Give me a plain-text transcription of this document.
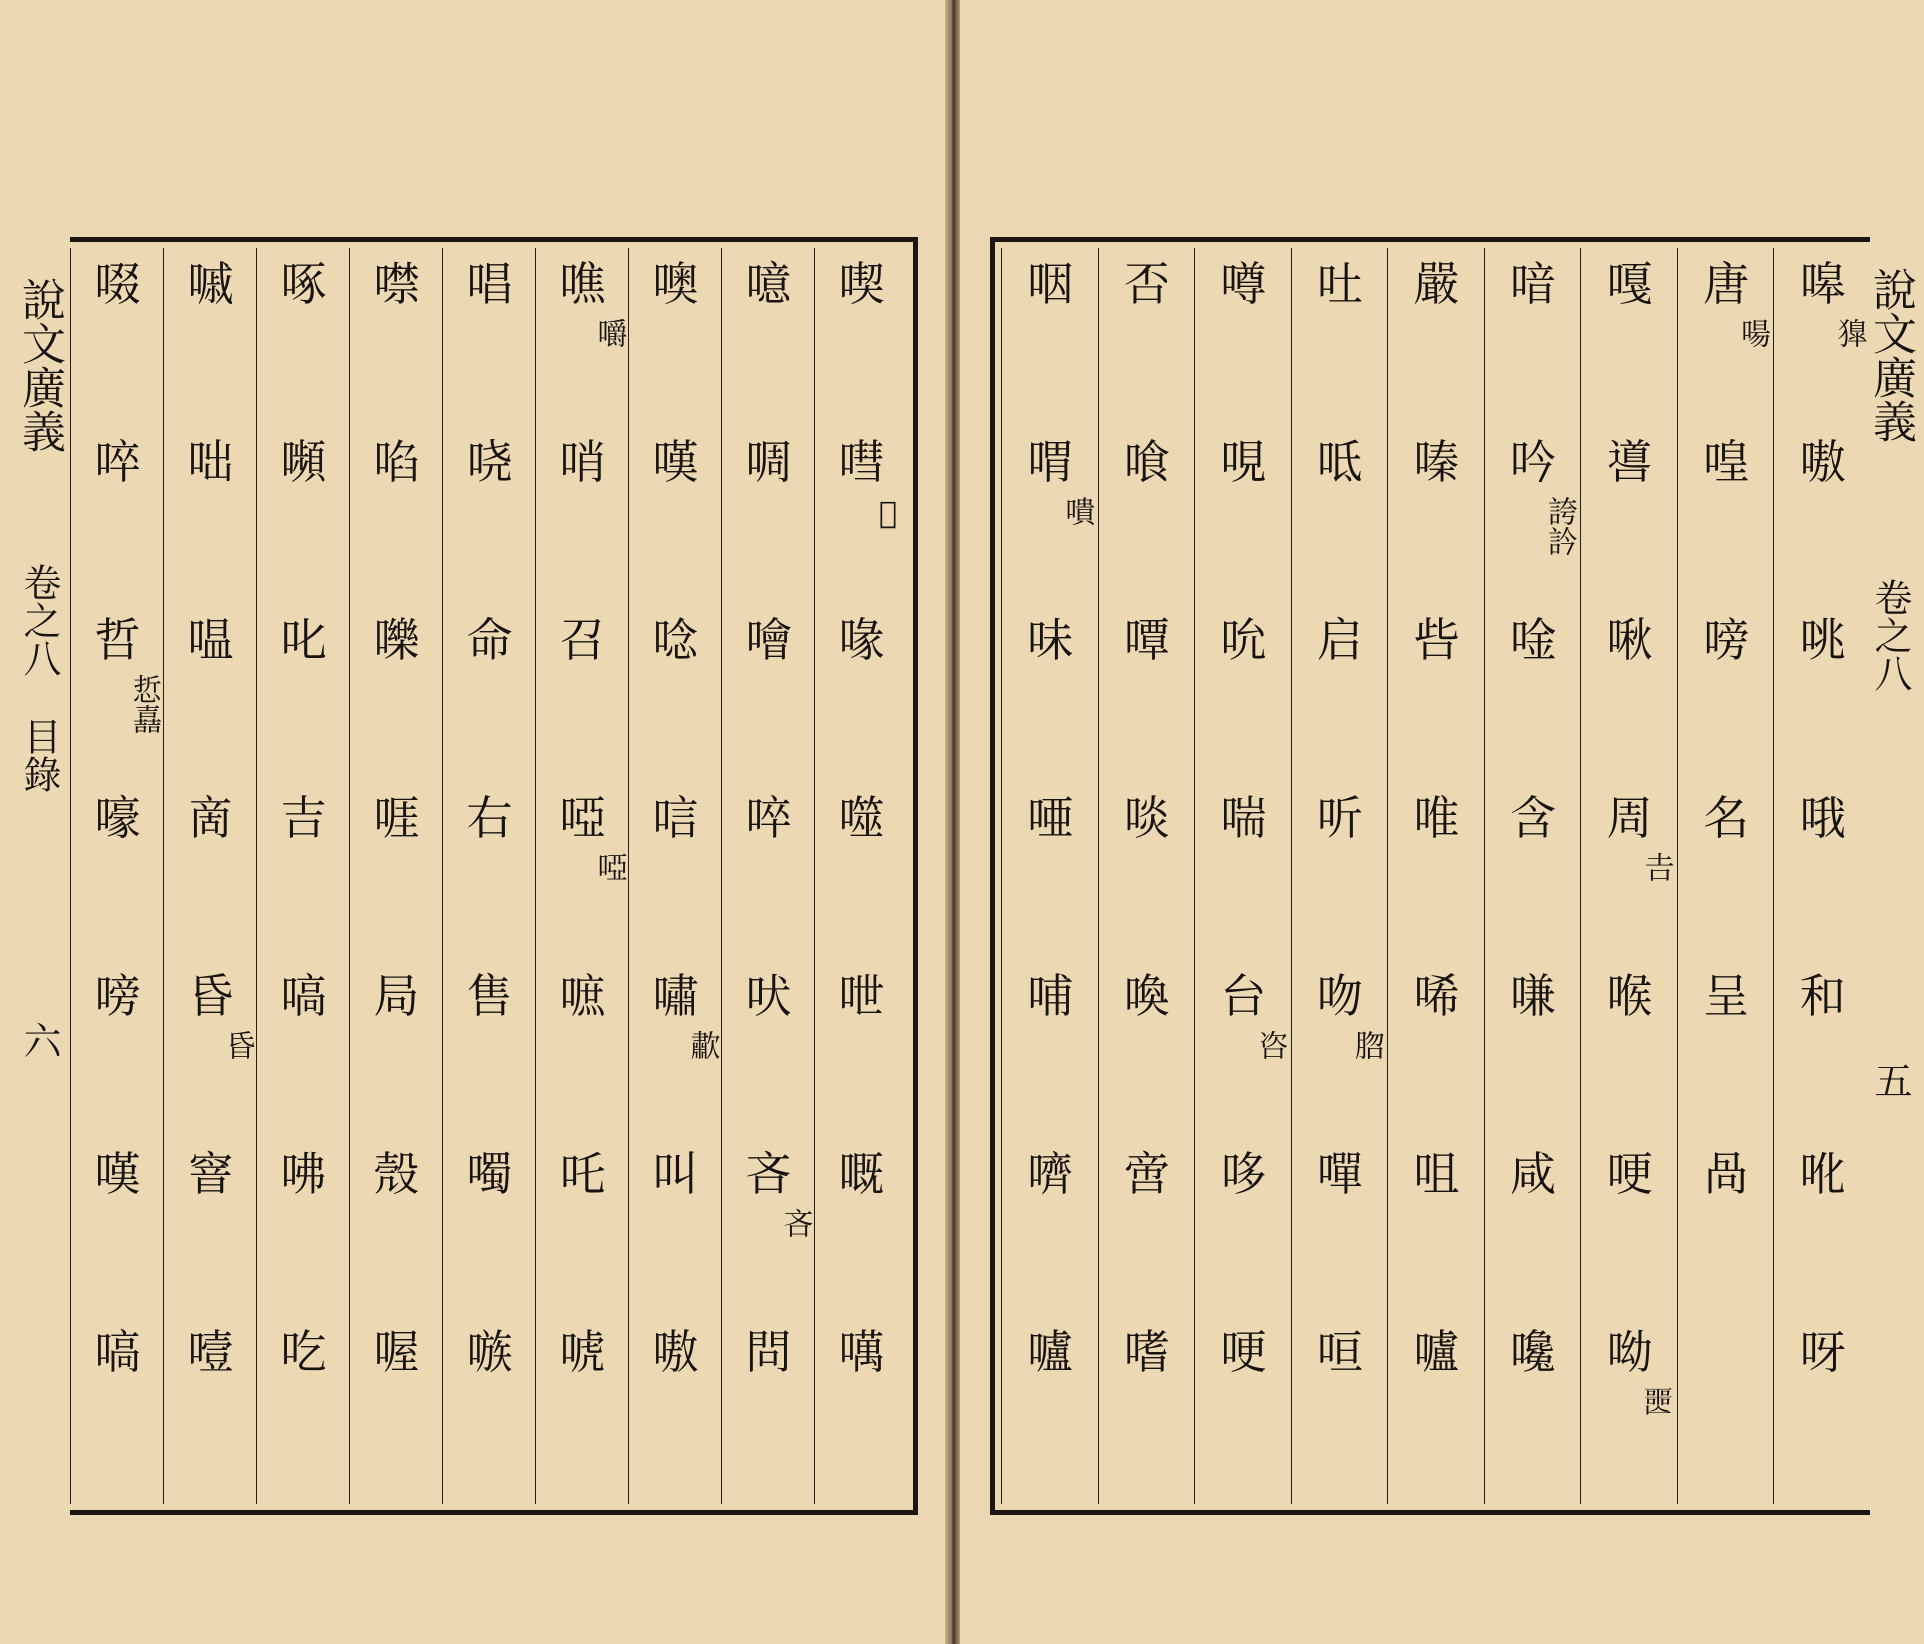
喫
嘒
喙
噬
呭
嘅
噧
𡁟
噫
啁
噲
啐
吠
吝
問
吝
噢
嘆
唸
唁
嘯
叫
嗷
歗
噍
哨
召
啞
嗻
吒
唬
嚼
啞
唱
哓
命
右
售
噣
嗾
噤
啗
嚛
啀
局
殼
喔
啄
嚬
叱
吉
嗃
咈
吃
嘁
咄
嗢
啇
昏
窨
噎
昏
啜
啐
哲
嚎
嗙
嘆
嗃
悊嚞
說文廣義
卷之八
目錄
六
嗥
嗷
咷
哦
和
吪
呀
獋
唐
喤
嗙
名
呈
咼
啺
嘎
噵
啾
周
喉
哽
呦
𠮷
𡂤
喑
吟
唫
含
嗛
咸
嚵
誇訡
嚴
嗪
呰
唯
唏
咀
嚧
吐
呧
启
听
吻
嘽
咺
脗
噂
哯
吮
喘
台
哆
哽
咨
否
喰
嘾
啖
喚
啻
嗜
咽
喟
味
唖
哺
嚌
嚧
嘳
說文廣義
卷之八
五
